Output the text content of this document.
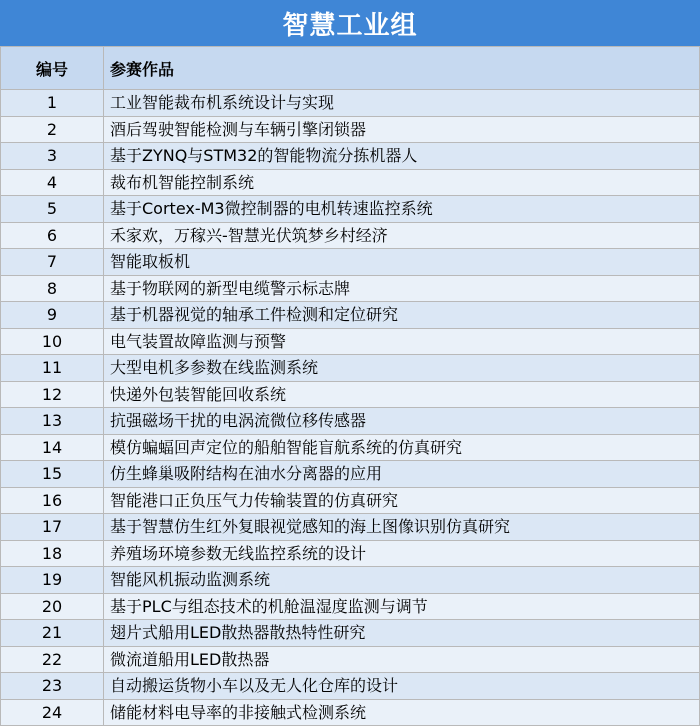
智慧工业组
编号	参赛作品
1	工业智能裁布机系统设计与实现
2	酒后驾驶智能检测与车辆引擎闭锁器
3	基于ZYNQ与STM32的智能物流分拣机器人
4	裁布机智能控制系统
5	基于Cortex-M3微控制器的电机转速监控系统
6	禾家欢，万稼兴-智慧光伏筑梦乡村经济
7	智能取板机
8	基于物联网的新型电缆警示标志牌
9	基于机器视觉的轴承工件检测和定位研究
10	电气装置故障监测与预警
11	大型电机多参数在线监测系统
12	快递外包装智能回收系统
13	抗强磁场干扰的电涡流微位移传感器
14	模仿蝙蝠回声定位的船舶智能盲航系统的仿真研究
15	仿生蜂巢吸附结构在油水分离器的应用
16	智能港口正负压气力传输装置的仿真研究
17	基于智慧仿生红外复眼视觉感知的海上图像识别仿真研究
18	养殖场环境参数无线监控系统的设计
19	智能风机振动监测系统
20	基于PLC与组态技术的机舱温湿度监测与调节
21	翅片式船用LED散热器散热特性研究
22	微流道船用LED散热器
23	自动搬运货物小车以及无人化仓库的设计
24	储能材料电导率的非接触式检测系统
